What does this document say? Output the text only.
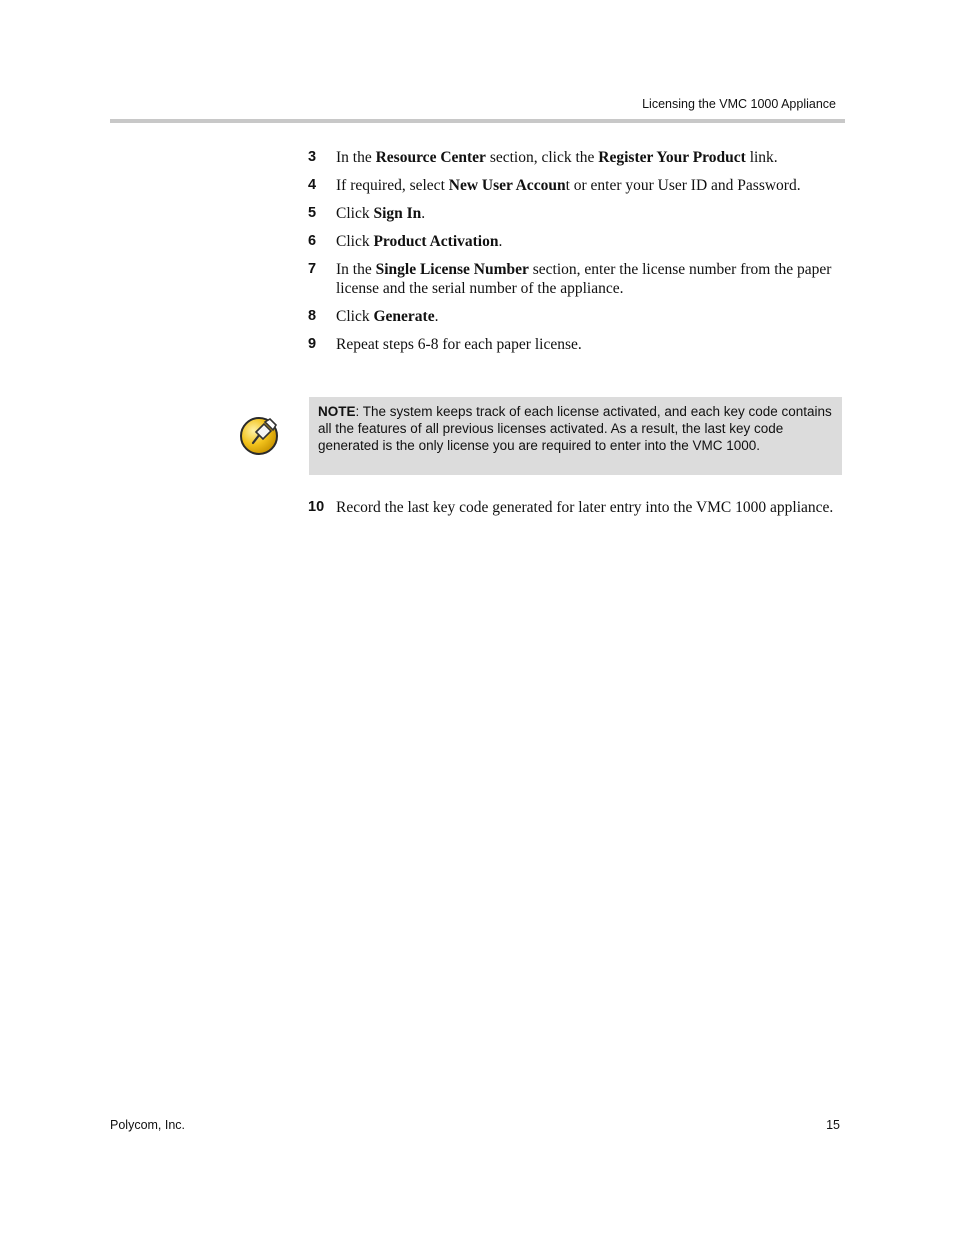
Licensing the VMC 1000 Appliance
3 In the Resource Center section, click the Register Your Product link.
4 If required, select New User Account or enter your User ID and Password.
5 Click Sign In.
6 Click Product Activation.
7 In the Single License Number section, enter the license number from the paper license and the serial number of the appliance.
8 Click Generate.
9 Repeat steps 6-8 for each paper license.
NOTE: The system keeps track of each license activated, and each key code contains all the features of all previous licenses activated. As a result, the last key code generated is the only license you are required to enter into the VMC 1000.
10 Record the last key code generated for later entry into the VMC 1000 appliance.
Polycom, Inc.	15
